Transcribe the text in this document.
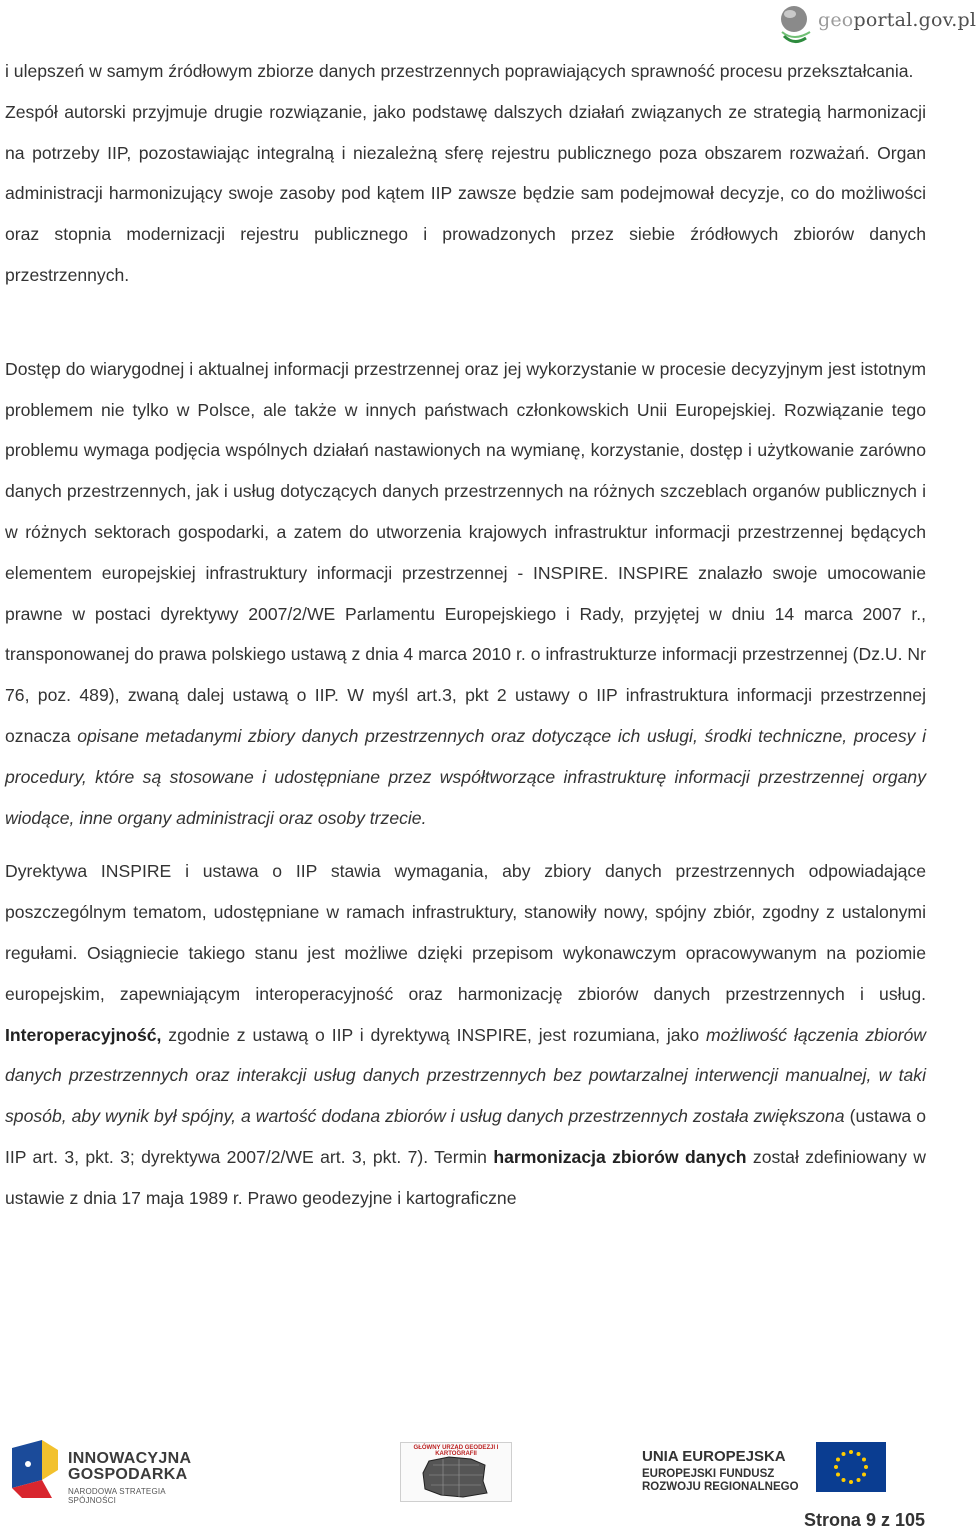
geoportal.gov.pl

i ulepszeń w samym źródłowym zbiorze danych przestrzennych poprawiających sprawność procesu przekształcania.

Zespół autorski przyjmuje drugie rozwiązanie, jako podstawę dalszych działań związanych ze strategią harmonizacji na potrzeby IIP, pozostawiając integralną i niezależną sferę rejestru publicznego poza obszarem rozważań. Organ administracji harmonizujący swoje zasoby pod kątem IIP zawsze będzie sam podejmował decyzje, co do możliwości oraz stopnia modernizacji rejestru publicznego i prowadzonych przez siebie źródłowych zbiorów danych przestrzennych.

Dostęp do wiarygodnej i aktualnej informacji przestrzennej oraz jej wykorzystanie w procesie decyzyjnym jest istotnym problemem nie tylko w Polsce, ale także w innych państwach członkowskich Unii Europejskiej. Rozwiązanie tego problemu wymaga podjęcia wspólnych działań nastawionych na wymianę, korzystanie, dostęp i użytkowanie zarówno danych przestrzennych, jak i usług dotyczących danych przestrzennych na różnych szczeblach organów publicznych i w różnych sektorach gospodarki, a zatem do utworzenia krajowych infrastruktur informacji przestrzennej będących elementem europejskiej infrastruktury informacji przestrzennej - INSPIRE. INSPIRE znalazło swoje umocowanie prawne w postaci dyrektywy 2007/2/WE Parlamentu Europejskiego i Rady, przyjętej w dniu 14 marca 2007 r., transponowanej do prawa polskiego ustawą z dnia 4 marca 2010 r. o infrastrukturze informacji przestrzennej (Dz.U. Nr 76, poz. 489), zwaną dalej ustawą o IIP. W myśl art.3, pkt 2 ustawy o IIP infrastruktura informacji przestrzennej oznacza opisane metadanymi zbiory danych przestrzennych oraz dotyczące ich usługi, środki techniczne, procesy i procedury, które są stosowane i udostępniane przez współtworzące infrastrukturę informacji przestrzennej organy wiodące, inne organy administracji oraz osoby trzecie.

Dyrektywa INSPIRE i ustawa o IIP stawia wymagania, aby zbiory danych przestrzennych odpowiadające poszczególnym tematom, udostępniane w ramach infrastruktury, stanowiły nowy, spójny zbiór, zgodny z ustalonymi regułami. Osiągniecie takiego stanu jest możliwe dzięki przepisom wykonawczym opracowywanym na poziomie europejskim, zapewniającym interoperacyjność oraz harmonizację zbiorów danych przestrzennych i usług. Interoperacyjność, zgodnie z ustawą o IIP i dyrektywą INSPIRE, jest rozumiana, jako możliwość łączenia zbiorów danych przestrzennych oraz interakcji usług danych przestrzennych bez powtarzalnej interwencji manualnej, w taki sposób, aby wynik był spójny, a wartość dodana zbiorów i usług danych przestrzennych została zwiększona (ustawa o IIP art. 3, pkt. 3; dyrektywa 2007/2/WE art. 3, pkt. 7). Termin harmonizacja zbiorów danych został zdefiniowany w ustawie z dnia 17 maja 1989 r. Prawo geodezyjne i kartograficzne

INNOWACYJNA
GOSPODARKA
NARODOWA STRATEGIA SPÓJNOŚCI
GŁÓWNY URZĄD GEODEZJI I KARTOGRAFII	UNIA EUROPEJSKA
EUROPEJSKI FUNDUSZ
ROZWOJU REGIONALNEGO
Strona 9 z 105
